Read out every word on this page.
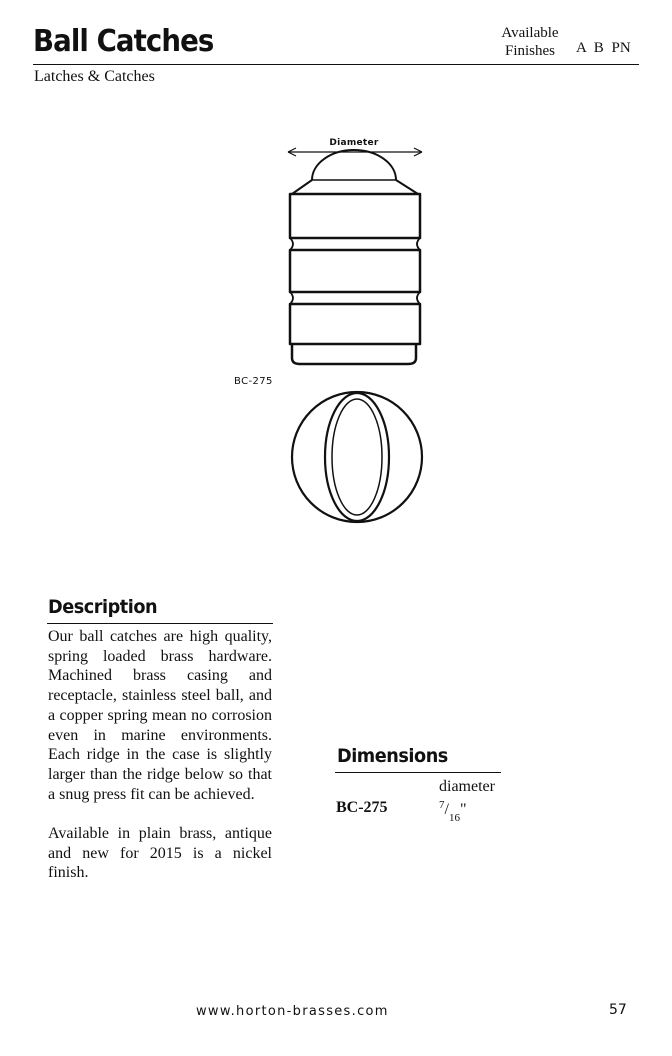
Ball Catches	Available
Finishes	A B PN
Latches & Catches
Diameter
BC-275
Description

Our ball catches are high quality, spring loaded brass hardware. Machined brass casing and receptacle, stainless steel ball, and a copper spring mean no corrosion even in marine environments. Each ridge in the case is slightly larger than the ridge below so that a snug press fit can be achieved.

Available in plain brass, antique and new for 2015 is a nickel finish.

Dimensions
diameter
BC-275	$^7/_{16}$"
www.horton-brasses.com	57
